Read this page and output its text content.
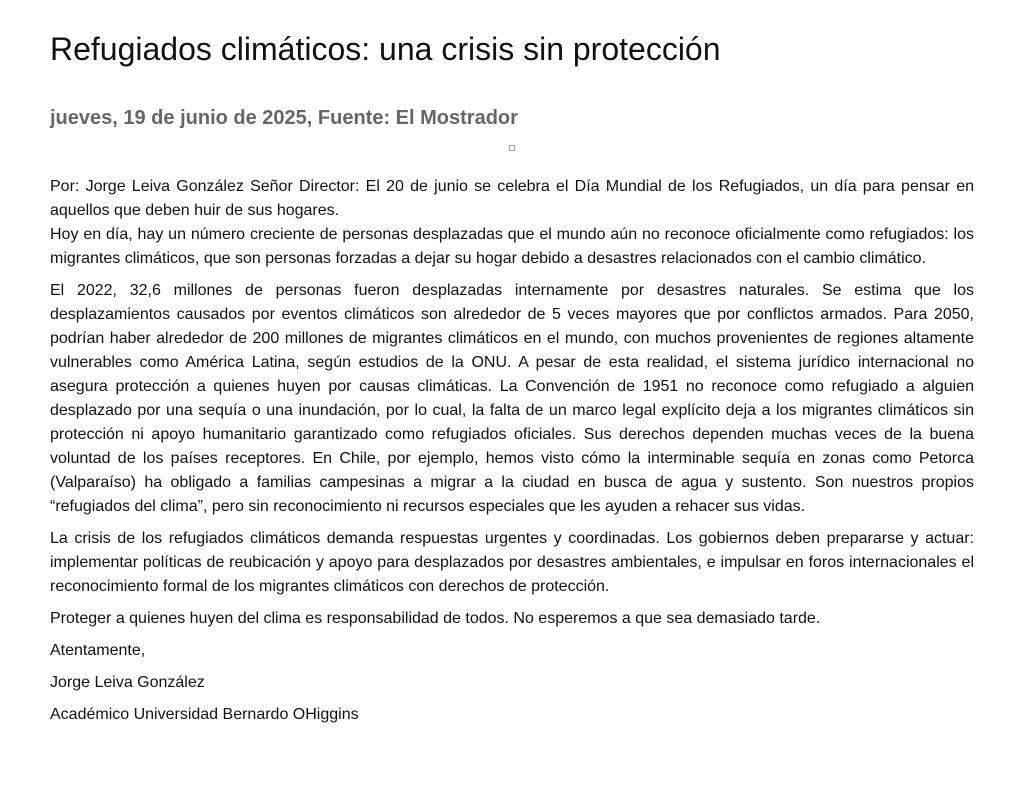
Refugiados climáticos: una crisis sin protección
jueves, 19 de junio de 2025, Fuente: El Mostrador

Por: Jorge Leiva González Señor Director: El 20 de junio se celebra el Día Mundial de los Refugiados, un día para pensar en aquellos que deben huir de sus hogares.

Hoy en día, hay un número creciente de personas desplazadas que el mundo aún no reconoce oficialmente como refugiados: los migrantes climáticos, que son personas forzadas a dejar su hogar debido a desastres relacionados con el cambio climático.

El 2022, 32,6 millones de personas fueron desplazadas internamente por desastres naturales. Se estima que los desplazamientos causados por eventos climáticos son alrededor de 5 veces mayores que por conflictos armados. Para 2050, podrían haber alrededor de 200 millones de migrantes climáticos en el mundo, con muchos provenientes de regiones altamente vulnerables como América Latina, según estudios de la ONU. A pesar de esta realidad, el sistema jurídico internacional no asegura protección a quienes huyen por causas climáticas. La Convención de 1951 no reconoce como refugiado a alguien desplazado por una sequía o una inundación, por lo cual, la falta de un marco legal explícito deja a los migrantes climáticos sin protección ni apoyo humanitario garantizado como refugiados oficiales. Sus derechos dependen muchas veces de la buena voluntad de los países receptores. En Chile, por ejemplo, hemos visto cómo la interminable sequía en zonas como Petorca (Valparaíso) ha obligado a familias campesinas a migrar a la ciudad en busca de agua y sustento. Son nuestros propios “refugiados del clima”, pero sin reconocimiento ni recursos especiales que les ayuden a rehacer sus vidas.

La crisis de los refugiados climáticos demanda respuestas urgentes y coordinadas. Los gobiernos deben prepararse y actuar: implementar políticas de reubicación y apoyo para desplazados por desastres ambientales, e impulsar en foros internacionales el reconocimiento formal de los migrantes climáticos con derechos de protección.

Proteger a quienes huyen del clima es responsabilidad de todos. No esperemos a que sea demasiado tarde.

Atentamente,

Jorge Leiva González

Académico Universidad Bernardo OHiggins
